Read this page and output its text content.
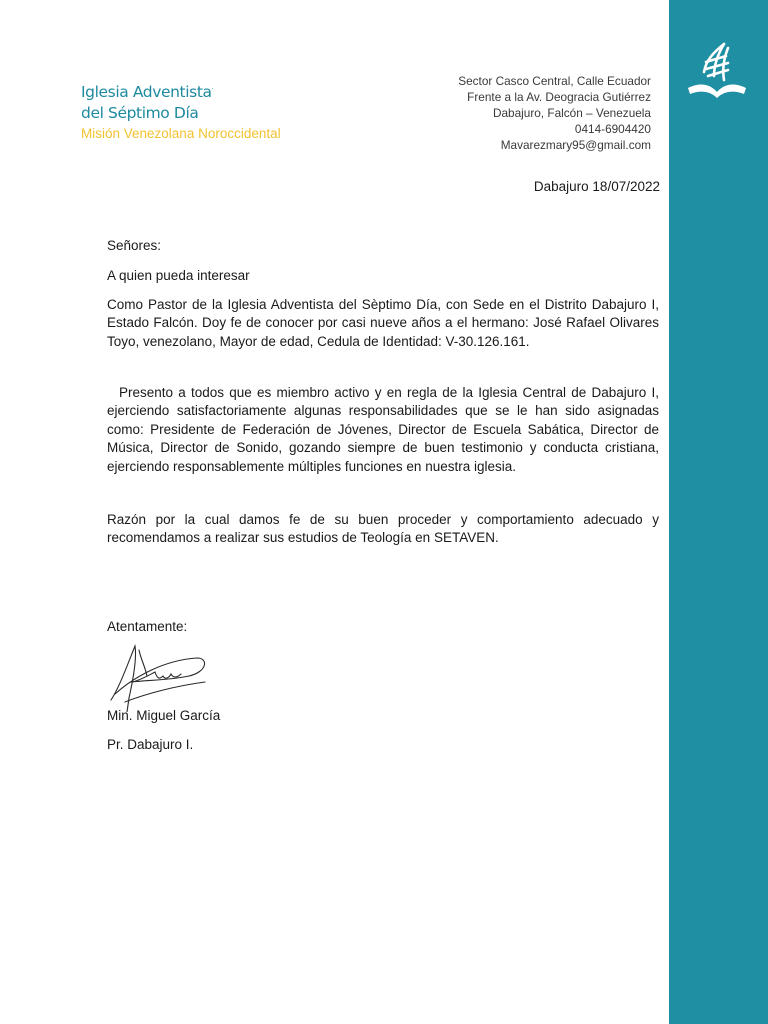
Iglesia Adventista·
del Séptimo Día
Misión Venezolana Noroccidental
Sector Casco Central, Calle Ecuador
Frente a la Av. Deogracia Gutiérrez
Dabajuro, Falcón – Venezuela
0414-6904420
Mavarezmary95@gmail.com
Dabajuro 18/07/2022
Señores:
A quien pueda interesar

Como Pastor de la Iglesia Adventista del Sèptimo Día, con Sede en el Distrito Dabajuro I, Estado Falcón. Doy fe de conocer por casi nueve años a el hermano: José Rafael Olivares Toyo, venezolano, Mayor de edad, Cedula de Identidad: V-30.126.161.

Presento a todos que es miembro activo y en regla de la Iglesia Central de Dabajuro I, ejerciendo satisfactoriamente algunas responsabilidades que se le han sido asignadas como: Presidente de Federación de Jóvenes, Director de Escuela Sabática, Director de Música, Director de Sonido, gozando siempre de buen testimonio y conducta cristiana, ejerciendo responsablemente múltiples funciones en nuestra iglesia.

Razón por la cual damos fe de su buen proceder y comportamiento adecuado y recomendamos a realizar sus estudios de Teología en SETAVEN.

Atentamente:
Min. Miguel García
Pr. Dabajuro I.
